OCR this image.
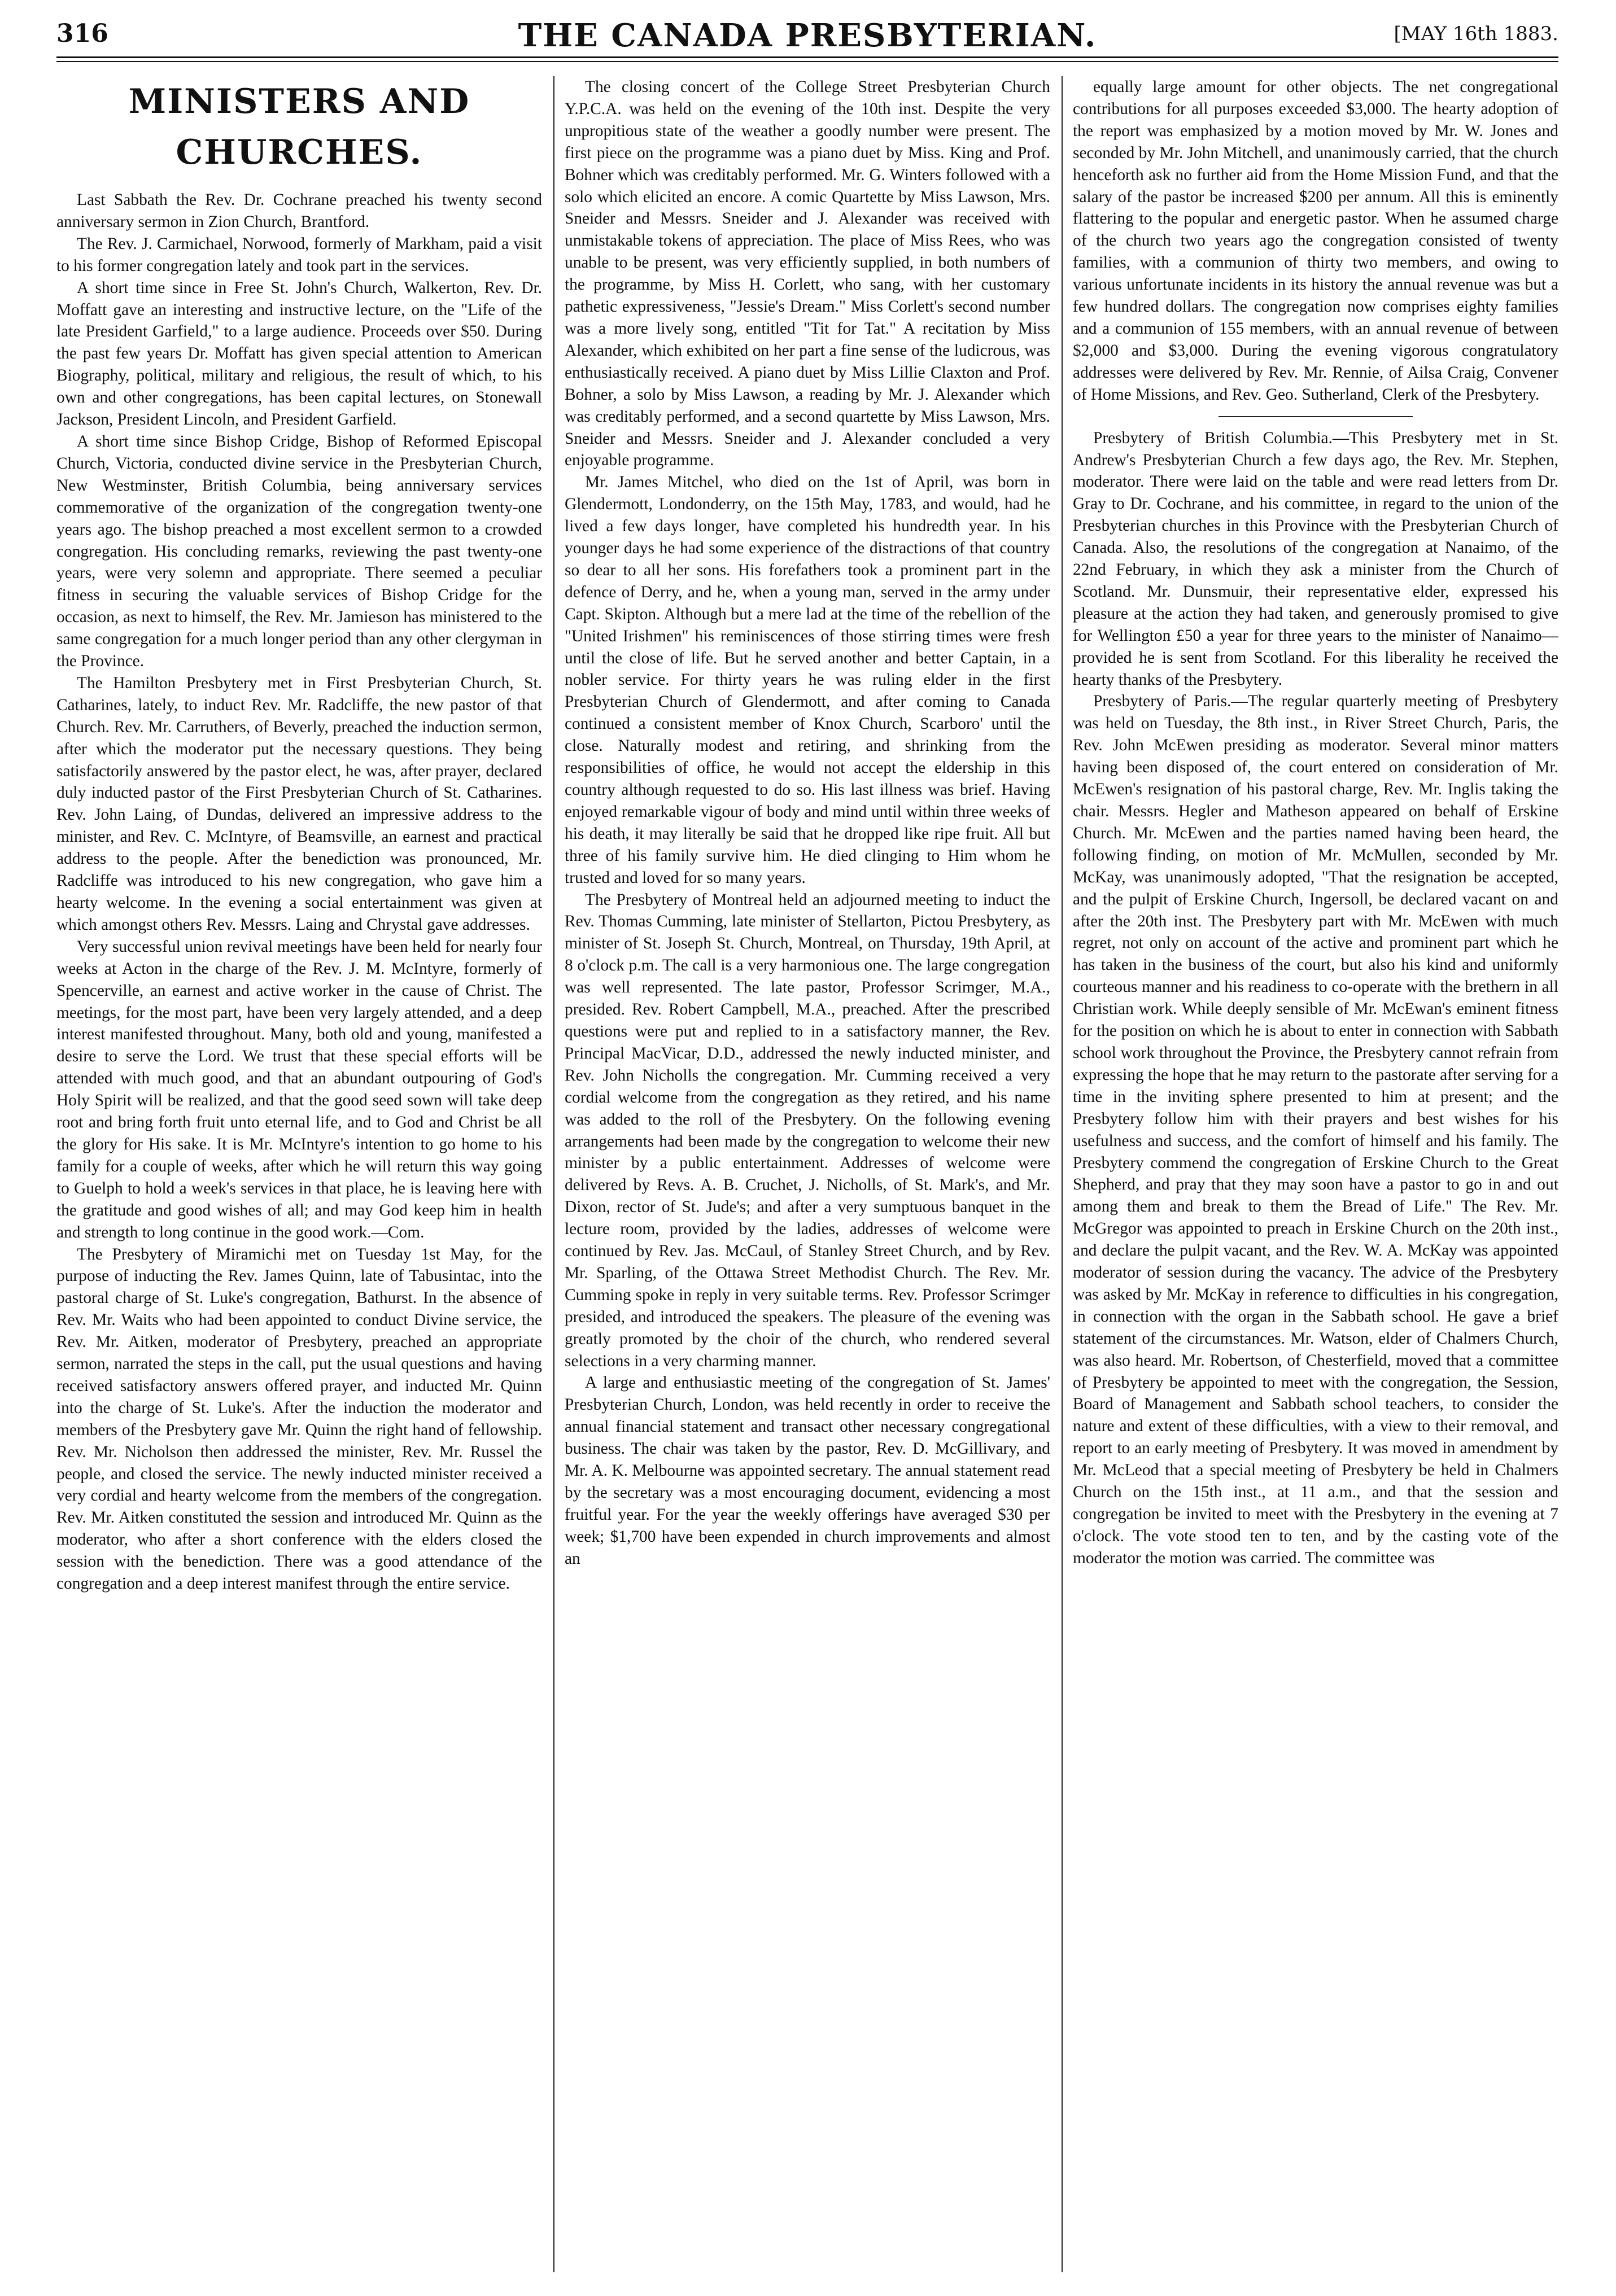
316	THE CANADA PRESBYTERIAN.	[MAY 16th 1883.
MINISTERS AND CHURCHES.

Last Sabbath the Rev. Dr. Cochrane preached his twenty second anniversary sermon in Zion Church, Brantford.

The Rev. J. Carmichael, Norwood, formerly of Markham, paid a visit to his former congregation lately and took part in the services.

A short time since in Free St. John's Church, Walkerton, Rev. Dr. Moffatt gave an interesting and instructive lecture, on the "Life of the late President Garfield," to a large audience. Proceeds over $50. During the past few years Dr. Moffatt has given special attention to American Biography, political, military and religious, the result of which, to his own and other congregations, has been capital lectures, on Stonewall Jackson, President Lincoln, and President Garfield.

A short time since Bishop Cridge, Bishop of Reformed Episcopal Church, Victoria, conducted divine service in the Presbyterian Church, New Westminster, British Columbia, being anniversary services commemorative of the organization of the congregation twenty-one years ago. The bishop preached a most excellent sermon to a crowded congregation. His concluding remarks, reviewing the past twenty-one years, were very solemn and appropriate. There seemed a peculiar fitness in securing the valuable services of Bishop Cridge for the occasion, as next to himself, the Rev. Mr. Jamieson has ministered to the same congregation for a much longer period than any other clergyman in the Province.

The Hamilton Presbytery met in First Presbyterian Church, St. Catharines, lately, to induct Rev. Mr. Radcliffe, the new pastor of that Church. Rev. Mr. Carruthers, of Beverly, preached the induction sermon, after which the moderator put the necessary questions. They being satisfactorily answered by the pastor elect, he was, after prayer, declared duly inducted pastor of the First Presbyterian Church of St. Catharines. Rev. John Laing, of Dundas, delivered an impressive address to the minister, and Rev. C. McIntyre, of Beamsville, an earnest and practical address to the people. After the benediction was pronounced, Mr. Radcliffe was introduced to his new congregation, who gave him a hearty welcome. In the evening a social entertainment was given at which amongst others Rev. Messrs. Laing and Chrystal gave addresses.

Very successful union revival meetings have been held for nearly four weeks at Acton in the charge of the Rev. J. M. McIntyre, formerly of Spencerville, an earnest and active worker in the cause of Christ. The meetings, for the most part, have been very largely attended, and a deep interest manifested throughout. Many, both old and young, manifested a desire to serve the Lord. We trust that these special efforts will be attended with much good, and that an abundant outpouring of God's Holy Spirit will be realized, and that the good seed sown will take deep root and bring forth fruit unto eternal life, and to God and Christ be all the glory for His sake. It is Mr. McIntyre's intention to go home to his family for a couple of weeks, after which he will return this way going to Guelph to hold a week's services in that place, he is leaving here with the gratitude and good wishes of all; and may God keep him in health and strength to long continue in the good work.—Com.

The Presbytery of Miramichi met on Tuesday 1st May, for the purpose of inducting the Rev. James Quinn, late of Tabusintac, into the pastoral charge of St. Luke's congregation, Bathurst. In the absence of Rev. Mr. Waits who had been appointed to conduct Divine service, the Rev. Mr. Aitken, moderator of Presbytery, preached an appropriate sermon, narrated the steps in the call, put the usual questions and having received satisfactory answers offered prayer, and inducted Mr. Quinn into the charge of St. Luke's. After the induction the moderator and members of the Presbytery gave Mr. Quinn the right hand of fellowship. Rev. Mr. Nicholson then addressed the minister, Rev. Mr. Russel the people, and closed the service. The newly inducted minister received a very cordial and hearty welcome from the members of the congregation. Rev. Mr. Aitken constituted the session and introduced Mr. Quinn as the moderator, who after a short conference with the elders closed the session with the benediction. There was a good attendance of the congregation and a deep interest manifest through the entire service.

The closing concert of the College Street Presbyterian Church Y.P.C.A. was held on the evening of the 10th inst. Despite the very unpropitious state of the weather a goodly number were present. The first piece on the programme was a piano duet by Miss. King and Prof. Bohner which was creditably performed. Mr. G. Winters followed with a solo which elicited an encore. A comic Quartette by Miss Lawson, Mrs. Sneider and Messrs. Sneider and J. Alexander was received with unmistakable tokens of appreciation. The place of Miss Rees, who was unable to be present, was very efficiently supplied, in both numbers of the programme, by Miss H. Corlett, who sang, with her customary pathetic expressiveness, "Jessie's Dream." Miss Corlett's second number was a more lively song, entitled "Tit for Tat." A recitation by Miss Alexander, which exhibited on her part a fine sense of the ludicrous, was enthusiastically received. A piano duet by Miss Lillie Claxton and Prof. Bohner, a solo by Miss Lawson, a reading by Mr. J. Alexander which was creditably performed, and a second quartette by Miss Lawson, Mrs. Sneider and Messrs. Sneider and J. Alexander concluded a very enjoyable programme.

Mr. James Mitchel, who died on the 1st of April, was born in Glendermott, Londonderry, on the 15th May, 1783, and would, had he lived a few days longer, have completed his hundredth year. In his younger days he had some experience of the distractions of that country so dear to all her sons. His forefathers took a prominent part in the defence of Derry, and he, when a young man, served in the army under Capt. Skipton. Although but a mere lad at the time of the rebellion of the "United Irishmen" his reminiscences of those stirring times were fresh until the close of life. But he served another and better Captain, in a nobler service. For thirty years he was ruling elder in the first Presbyterian Church of Glendermott, and after coming to Canada continued a consistent member of Knox Church, Scarboro' until the close. Naturally modest and retiring, and shrinking from the responsibilities of office, he would not accept the eldership in this country although requested to do so. His last illness was brief. Having enjoyed remarkable vigour of body and mind until within three weeks of his death, it may literally be said that he dropped like ripe fruit. All but three of his family survive him. He died clinging to Him whom he trusted and loved for so many years.

The Presbytery of Montreal held an adjourned meeting to induct the Rev. Thomas Cumming, late minister of Stellarton, Pictou Presbytery, as minister of St. Joseph St. Church, Montreal, on Thursday, 19th April, at 8 o'clock p.m. The call is a very harmonious one. The large congregation was well represented. The late pastor, Professor Scrimger, M.A., presided. Rev. Robert Campbell, M.A., preached. After the prescribed questions were put and replied to in a satisfactory manner, the Rev. Principal MacVicar, D.D., addressed the newly inducted minister, and Rev. John Nicholls the congregation. Mr. Cumming received a very cordial welcome from the congregation as they retired, and his name was added to the roll of the Presbytery. On the following evening arrangements had been made by the congregation to welcome their new minister by a public entertainment. Addresses of welcome were delivered by Revs. A. B. Cruchet, J. Nicholls, of St. Mark's, and Mr. Dixon, rector of St. Jude's; and after a very sumptuous banquet in the lecture room, provided by the ladies, addresses of welcome were continued by Rev. Jas. McCaul, of Stanley Street Church, and by Rev. Mr. Sparling, of the Ottawa Street Methodist Church. The Rev. Mr. Cumming spoke in reply in very suitable terms. Rev. Professor Scrimger presided, and introduced the speakers. The pleasure of the evening was greatly promoted by the choir of the church, who rendered several selections in a very charming manner.

A large and enthusiastic meeting of the congregation of St. James' Presbyterian Church, London, was held recently in order to receive the annual financial statement and transact other necessary congregational business. The chair was taken by the pastor, Rev. D. McGillivary, and Mr. A. K. Melbourne was appointed secretary. The annual statement read by the secretary was a most encouraging document, evidencing a most fruitful year. For the year the weekly offerings have averaged $30 per week; $1,700 have been expended in church improvements and almost an

equally large amount for other objects. The net congregational contributions for all purposes exceeded $3,000. The hearty adoption of the report was emphasized by a motion moved by Mr. W. Jones and seconded by Mr. John Mitchell, and unanimously carried, that the church henceforth ask no further aid from the Home Mission Fund, and that the salary of the pastor be increased $200 per annum. All this is eminently flattering to the popular and energetic pastor. When he assumed charge of the church two years ago the congregation consisted of twenty families, with a communion of thirty two members, and owing to various unfortunate incidents in its history the annual revenue was but a few hundred dollars. The congregation now comprises eighty families and a communion of 155 members, with an annual revenue of between $2,000 and $3,000. During the evening vigorous congratulatory addresses were delivered by Rev. Mr. Rennie, of Ailsa Craig, Convener of Home Missions, and Rev. Geo. Sutherland, Clerk of the Presbytery.

Presbytery of British Columbia.—This Presbytery met in St. Andrew's Presbyterian Church a few days ago, the Rev. Mr. Stephen, moderator. There were laid on the table and were read letters from Dr. Gray to Dr. Cochrane, and his committee, in regard to the union of the Presbyterian churches in this Province with the Presbyterian Church of Canada. Also, the resolutions of the congregation at Nanaimo, of the 22nd February, in which they ask a minister from the Church of Scotland. Mr. Dunsmuir, their representative elder, expressed his pleasure at the action they had taken, and generously promised to give for Wellington £50 a year for three years to the minister of Nanaimo—provided he is sent from Scotland. For this liberality he received the hearty thanks of the Presbytery.

Presbytery of Paris.—The regular quarterly meeting of Presbytery was held on Tuesday, the 8th inst., in River Street Church, Paris, the Rev. John McEwen presiding as moderator. Several minor matters having been disposed of, the court entered on consideration of Mr. McEwen's resignation of his pastoral charge, Rev. Mr. Inglis taking the chair. Messrs. Hegler and Matheson appeared on behalf of Erskine Church. Mr. McEwen and the parties named having been heard, the following finding, on motion of Mr. McMullen, seconded by Mr. McKay, was unanimously adopted, "That the resignation be accepted, and the pulpit of Erskine Church, Ingersoll, be declared vacant on and after the 20th inst. The Presbytery part with Mr. McEwen with much regret, not only on account of the active and prominent part which he has taken in the business of the court, but also his kind and uniformly courteous manner and his readiness to co-operate with the brethern in all Christian work. While deeply sensible of Mr. McEwan's eminent fitness for the position on which he is about to enter in connection with Sabbath school work throughout the Province, the Presbytery cannot refrain from expressing the hope that he may return to the pastorate after serving for a time in the inviting sphere presented to him at present; and the Presbytery follow him with their prayers and best wishes for his usefulness and success, and the comfort of himself and his family. The Presbytery commend the congregation of Erskine Church to the Great Shepherd, and pray that they may soon have a pastor to go in and out among them and break to them the Bread of Life." The Rev. Mr. McGregor was appointed to preach in Erskine Church on the 20th inst., and declare the pulpit vacant, and the Rev. W. A. McKay was appointed moderator of session during the vacancy. The advice of the Presbytery was asked by Mr. McKay in reference to difficulties in his congregation, in connection with the organ in the Sabbath school. He gave a brief statement of the circumstances. Mr. Watson, elder of Chalmers Church, was also heard. Mr. Robertson, of Chesterfield, moved that a committee of Presbytery be appointed to meet with the congregation, the Session, Board of Management and Sabbath school teachers, to consider the nature and extent of these difficulties, with a view to their removal, and report to an early meeting of Presbytery. It was moved in amendment by Mr. McLeod that a special meeting of Presbytery be held in Chalmers Church on the 15th inst., at 11 a.m., and that the session and congregation be invited to meet with the Presbytery in the evening at 7 o'clock. The vote stood ten to ten, and by the casting vote of the moderator the motion was carried. The committee was
